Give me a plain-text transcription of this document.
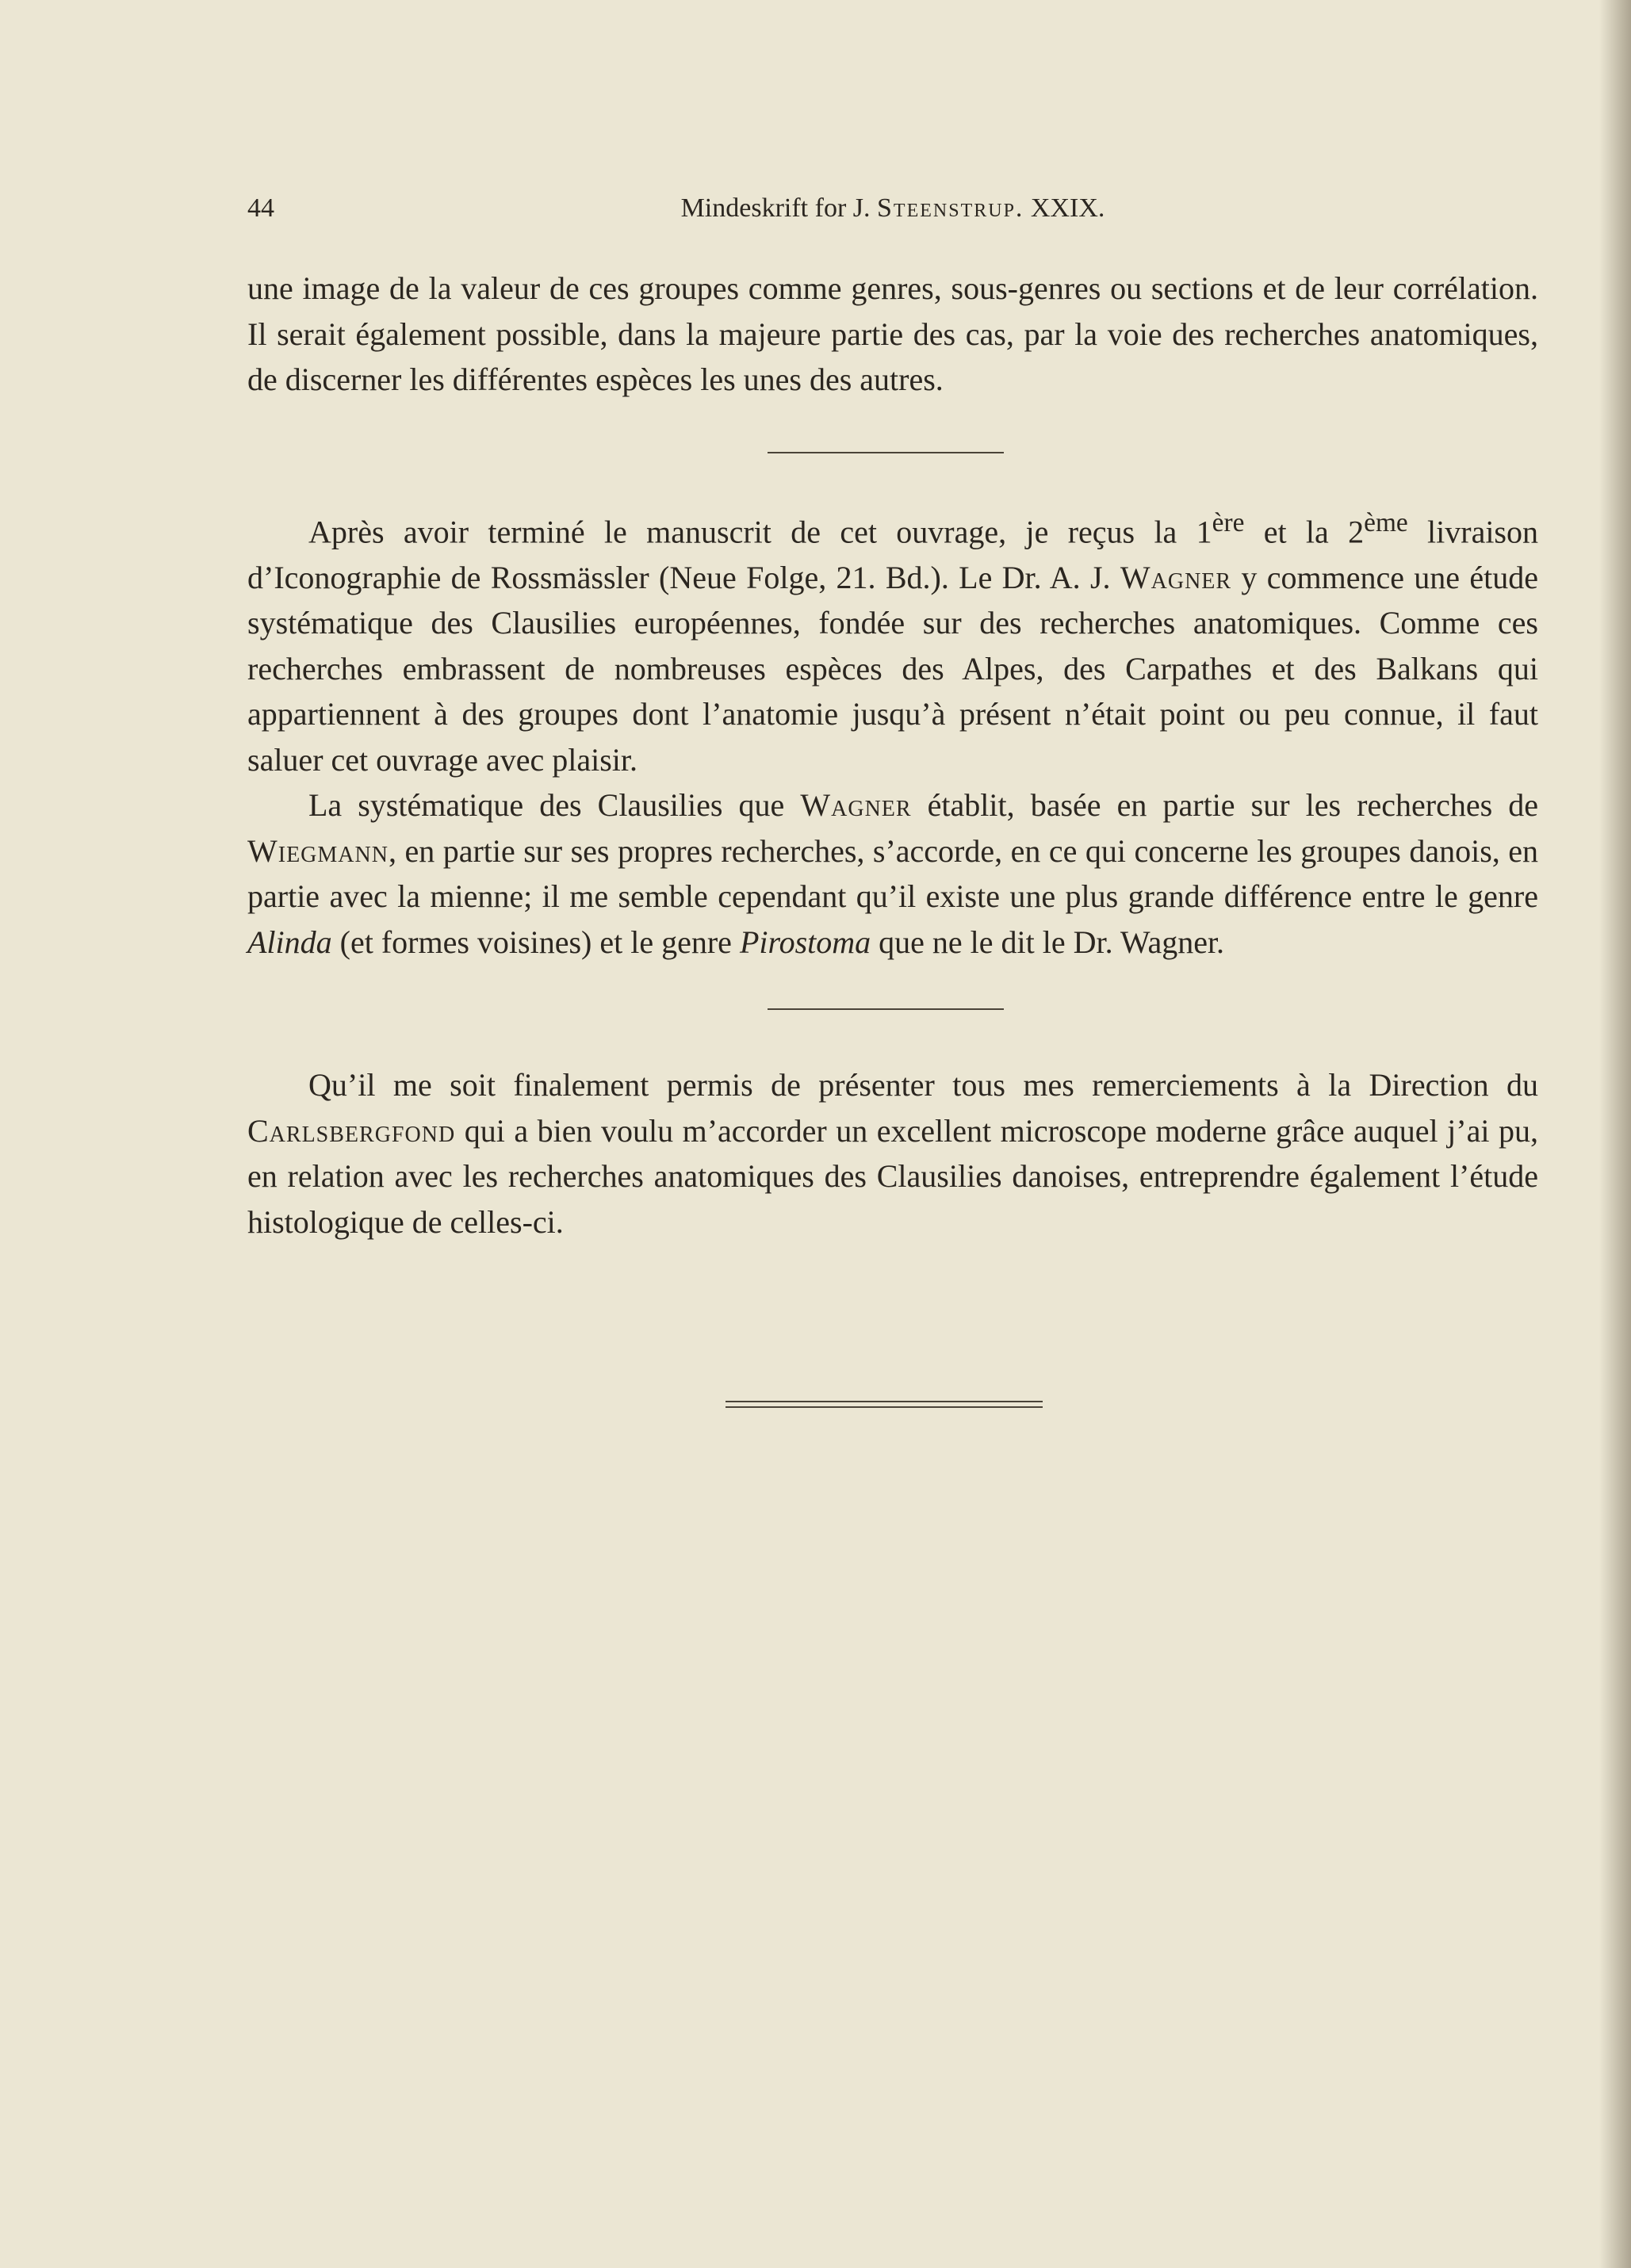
44	Mindeskrift for J. Steenstrup. XXIX.

une image de la valeur de ces groupes comme genres, sous-genres ou sections et de leur corrélation. Il serait également possible, dans la majeure partie des cas, par la voie des recherches anatomiques, de discerner les différentes espèces les unes des autres.

Après avoir terminé le manuscrit de cet ouvrage, je reçus la 1ère et la 2ème livraison d’Iconographie de Rossmässler (Neue Folge, 21. Bd.). Le Dr. A. J. Wagner y commence une étude systématique des Clausilies européennes, fondée sur des recherches anatomiques. Comme ces recherches embrassent de nombreuses espèces des Alpes, des Carpathes et des Balkans qui appartiennent à des groupes dont l’anatomie jusqu’à présent n’était point ou peu connue, il faut saluer cet ouvrage avec plaisir.

La systématique des Clausilies que Wagner établit, basée en partie sur les recherches de Wiegmann, en partie sur ses propres recherches, s’accorde, en ce qui concerne les groupes danois, en partie avec la mienne; il me semble cependant qu’il existe une plus grande différence entre le genre Alinda (et formes voisines) et le genre Pirostoma que ne le dit le Dr. Wagner.

Qu’il me soit finalement permis de présenter tous mes remerciements à la Direction du Carlsbergfond qui a bien voulu m’accorder un excellent microscope moderne grâce auquel j’ai pu, en relation avec les recherches anatomiques des Clausilies danoises, entreprendre également l’étude histologique de celles-ci.
